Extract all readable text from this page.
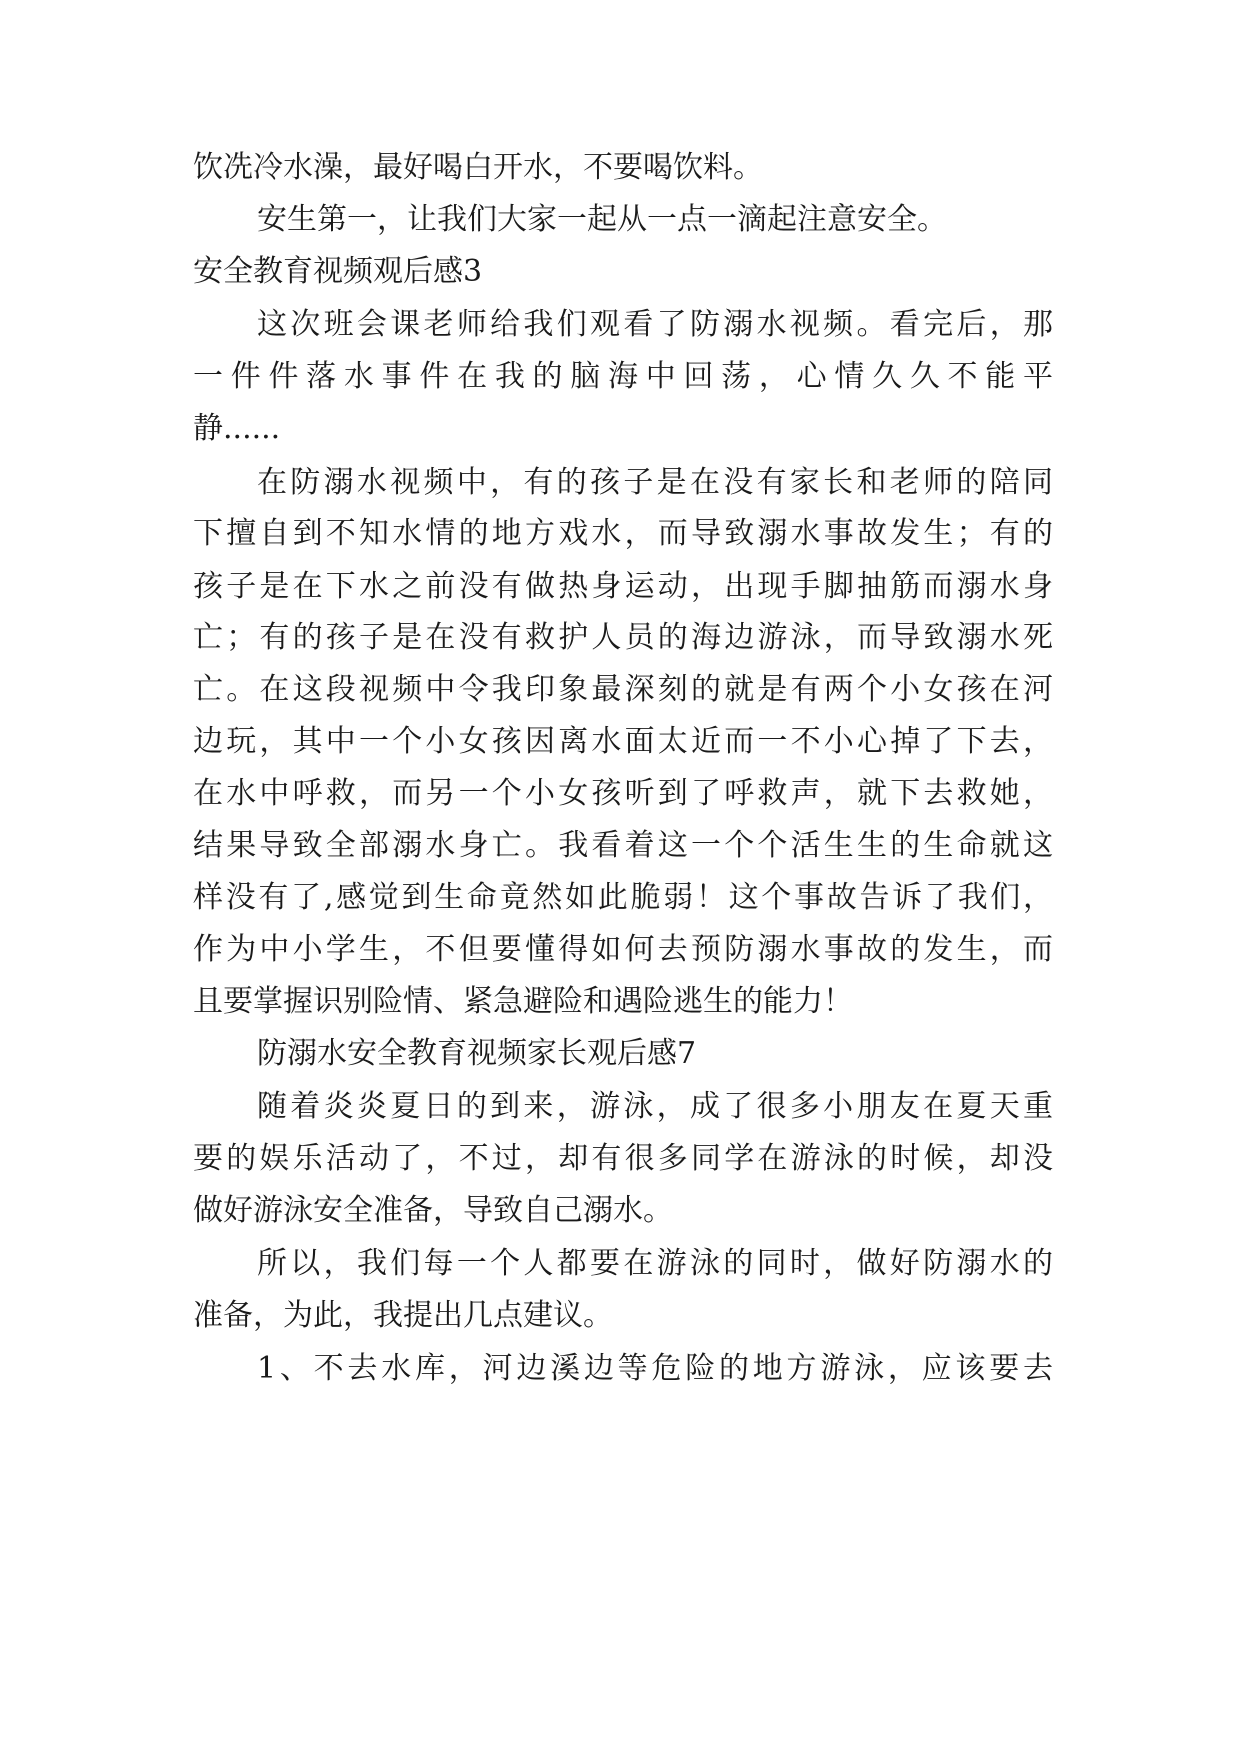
饮冼冷水澡，最好喝白开水，不要喝饮料。

安生第一，让我们大家一起从一点一滴起注意安全。

安全教育视频观后感3

这次班会课老师给我们观看了防溺水视频。看完后，那

一件件落水事件在我的脑海中回荡，心情久久不能平

静......

在防溺水视频中，有的孩子是在没有家长和老师的陪同

下擅自到不知水情的地方戏水，而导致溺水事故发生；有的

孩子是在下水之前没有做热身运动，出现手脚抽筋而溺水身

亡；有的孩子是在没有救护人员的海边游泳，而导致溺水死

亡。在这段视频中令我印象最深刻的就是有两个小女孩在河

边玩，其中一个小女孩因离水面太近而一不小心掉了下去，

在水中呼救，而另一个小女孩听到了呼救声，就下去救她，

结果导致全部溺水身亡。我看着这一个个活生生的生命就这

样没有了,感觉到生命竟然如此脆弱！这个事故告诉了我们，

作为中小学生，不但要懂得如何去预防溺水事故的发生，而

且要掌握识别险情、紧急避险和遇险逃生的能力！

防溺水安全教育视频家长观后感7

随着炎炎夏日的到来，游泳，成了很多小朋友在夏天重

要的娱乐活动了，不过，却有很多同学在游泳的时候，却没

做好游泳安全准备，导致自己溺水。

所以，我们每一个人都要在游泳的同时，做好防溺水的

准备，为此，我提出几点建议。

1、不去水库，河边溪边等危险的地方游泳，应该要去
